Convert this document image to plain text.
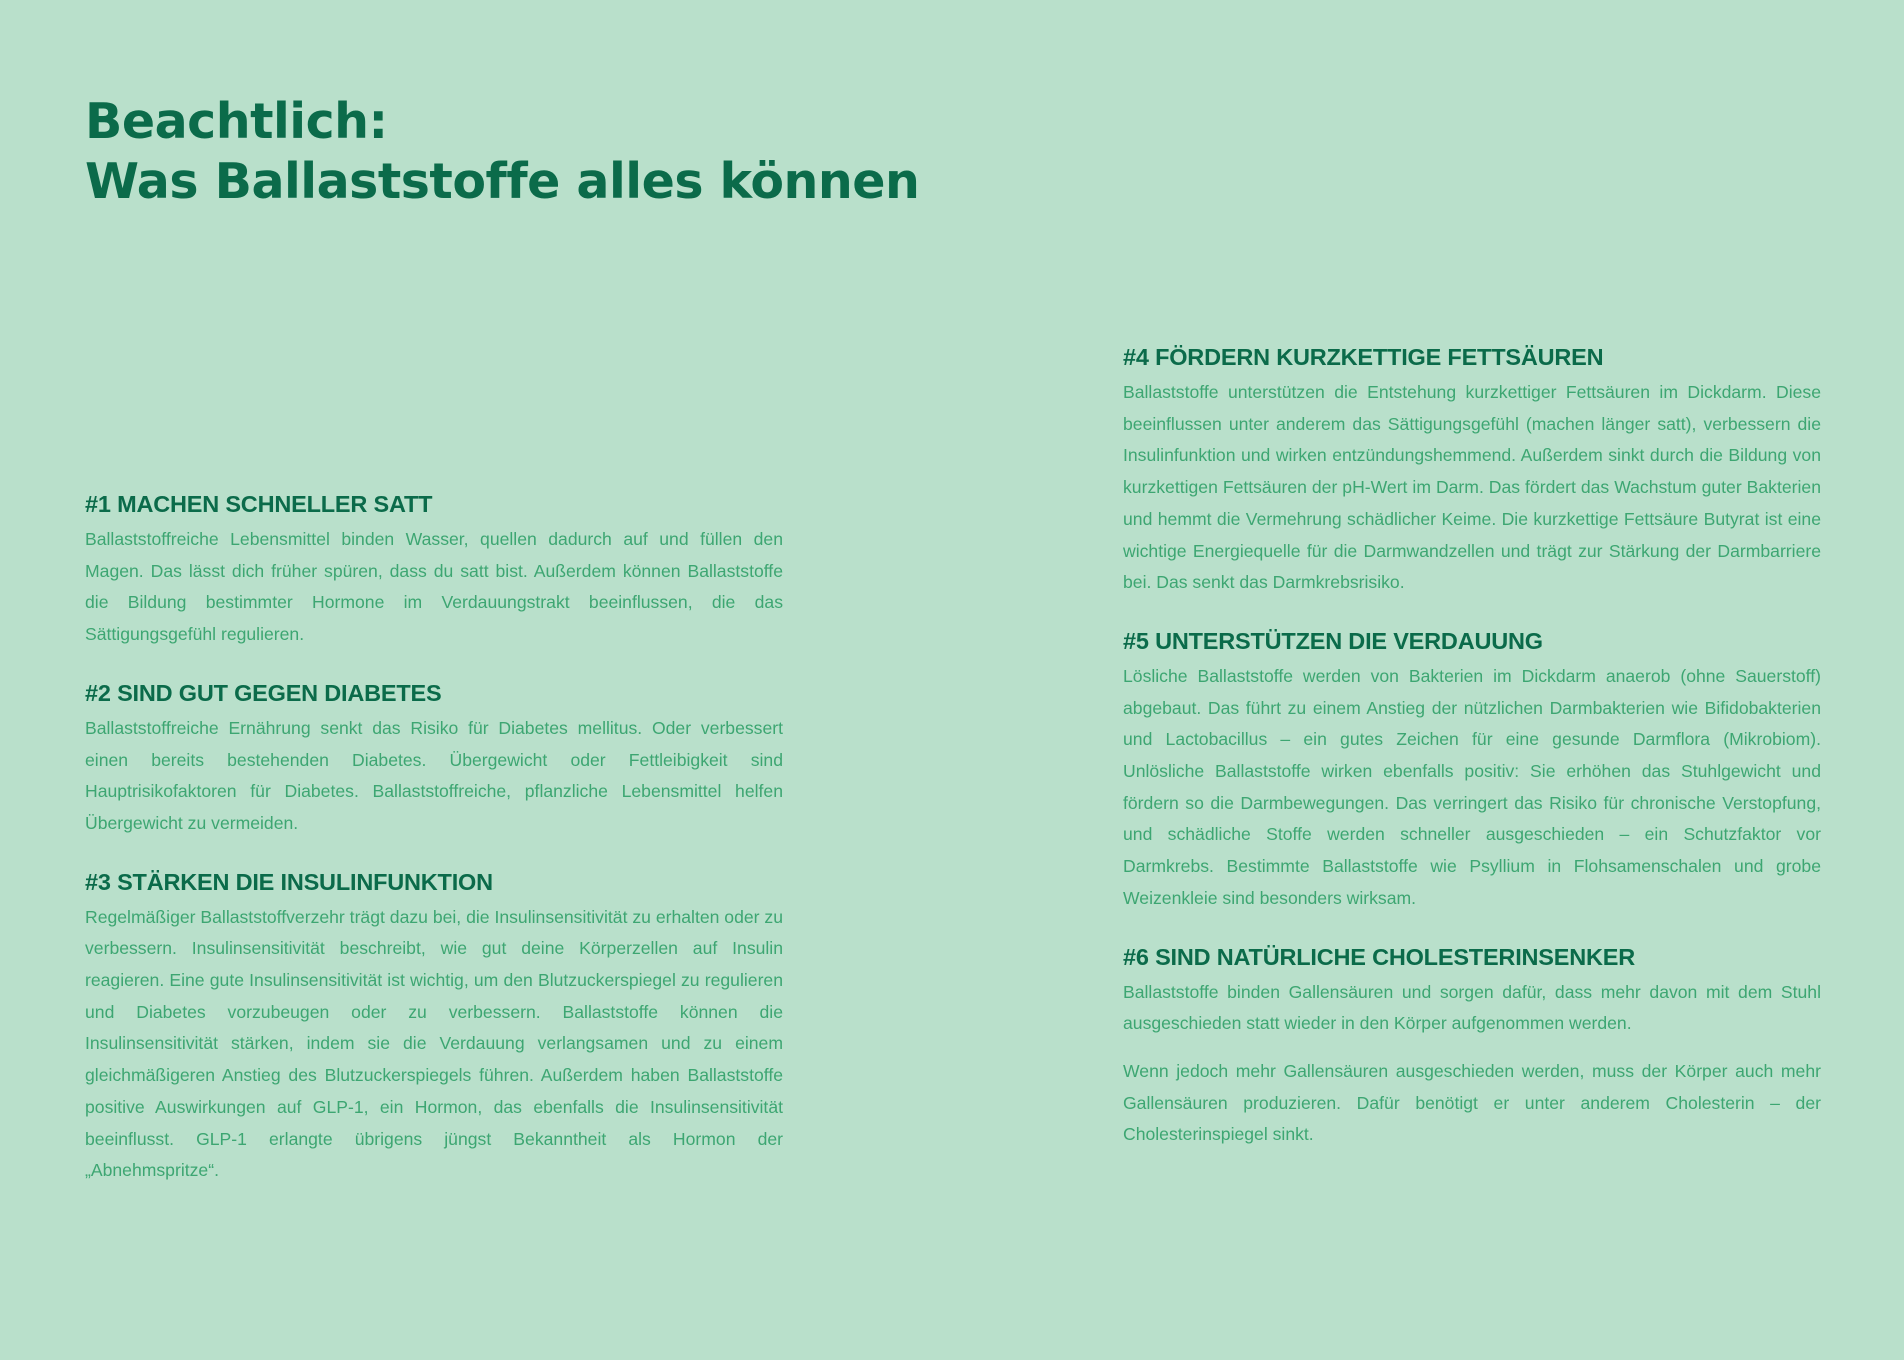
Beachtlich:
Was Ballaststoffe alles können
#1 MACHEN SCHNELLER SATT

Ballaststoffreiche Lebensmittel binden Wasser, quellen dadurch auf und füllen den Magen. Das lässt dich früher spüren, dass du satt bist. Außerdem können Ballaststoffe die Bildung bestimmter Hormone im Verdauungstrakt beeinflussen, die das Sättigungsgefühl regulieren.

#2 SIND GUT GEGEN DIABETES

Ballaststoffreiche Ernährung senkt das Risiko für Diabetes mellitus. Oder verbessert einen bereits bestehenden Diabetes. Übergewicht oder Fettleibigkeit sind Hauptrisikofaktoren für Diabetes. Ballaststoffreiche, pflanzliche Lebensmittel helfen Übergewicht zu vermeiden.

#3 STÄRKEN DIE INSULINFUNKTION

Regelmäßiger Ballaststoffverzehr trägt dazu bei, die Insulinsensitivität zu erhalten oder zu verbessern. Insulinsensitivität beschreibt, wie gut deine Körperzellen auf Insulin reagieren. Eine gute Insulinsensitivität ist wichtig, um den Blutzuckerspiegel zu regulieren und Diabetes vorzubeugen oder zu verbessern. Ballaststoffe können die Insulinsensitivität stärken, indem sie die Verdauung verlangsamen und zu einem gleichmäßigeren Anstieg des Blutzuckerspiegels führen. Außerdem haben Ballaststoffe positive Auswirkungen auf GLP-1, ein Hormon, das ebenfalls die Insulinsensitivität beeinflusst. GLP-1 erlangte übrigens jüngst Bekanntheit als Hormon der „Abnehmspritze“.

#4 FÖRDERN KURZKETTIGE FETTSÄUREN

Ballaststoffe unterstützen die Entstehung kurzkettiger Fettsäuren im Dickdarm. Diese beeinflussen unter anderem das Sättigungsgefühl (machen länger satt), verbessern die Insulinfunktion und wirken entzündungshemmend. Außerdem sinkt durch die Bildung von kurzkettigen Fettsäuren der pH-Wert im Darm. Das fördert das Wachstum guter Bakterien und hemmt die Vermehrung schädlicher Keime. Die kurzkettige Fettsäure Butyrat ist eine wichtige Energiequelle für die Darmwandzellen und trägt zur Stärkung der Darmbarriere bei. Das senkt das Darmkrebsrisiko.

#5 UNTERSTÜTZEN DIE VERDAUUNG

Lösliche Ballaststoffe werden von Bakterien im Dickdarm anaerob (ohne Sauerstoff) abgebaut. Das führt zu einem Anstieg der nützlichen Darmbakterien wie Bifidobakterien und Lactobacillus – ein gutes Zeichen für eine gesunde Darmflora (Mikrobiom). Unlösliche Ballaststoffe wirken ebenfalls positiv: Sie erhöhen das Stuhlgewicht und fördern so die Darmbewegungen. Das verringert das Risiko für chronische Verstopfung, und schädliche Stoffe werden schneller ausgeschieden – ein Schutzfaktor vor Darmkrebs. Bestimmte Ballaststoffe wie Psyllium in Flohsamenschalen und grobe Weizenkleie sind besonders wirksam.

#6 SIND NATÜRLICHE CHOLESTERINSENKER

Ballaststoffe binden Gallensäuren und sorgen dafür, dass mehr davon mit dem Stuhl ausgeschieden statt wieder in den Körper aufgenommen werden.

Wenn jedoch mehr Gallensäuren ausgeschieden werden, muss der Körper auch mehr Gallensäuren produzieren. Dafür benötigt er unter anderem Cholesterin – der Cholesterinspiegel sinkt.
